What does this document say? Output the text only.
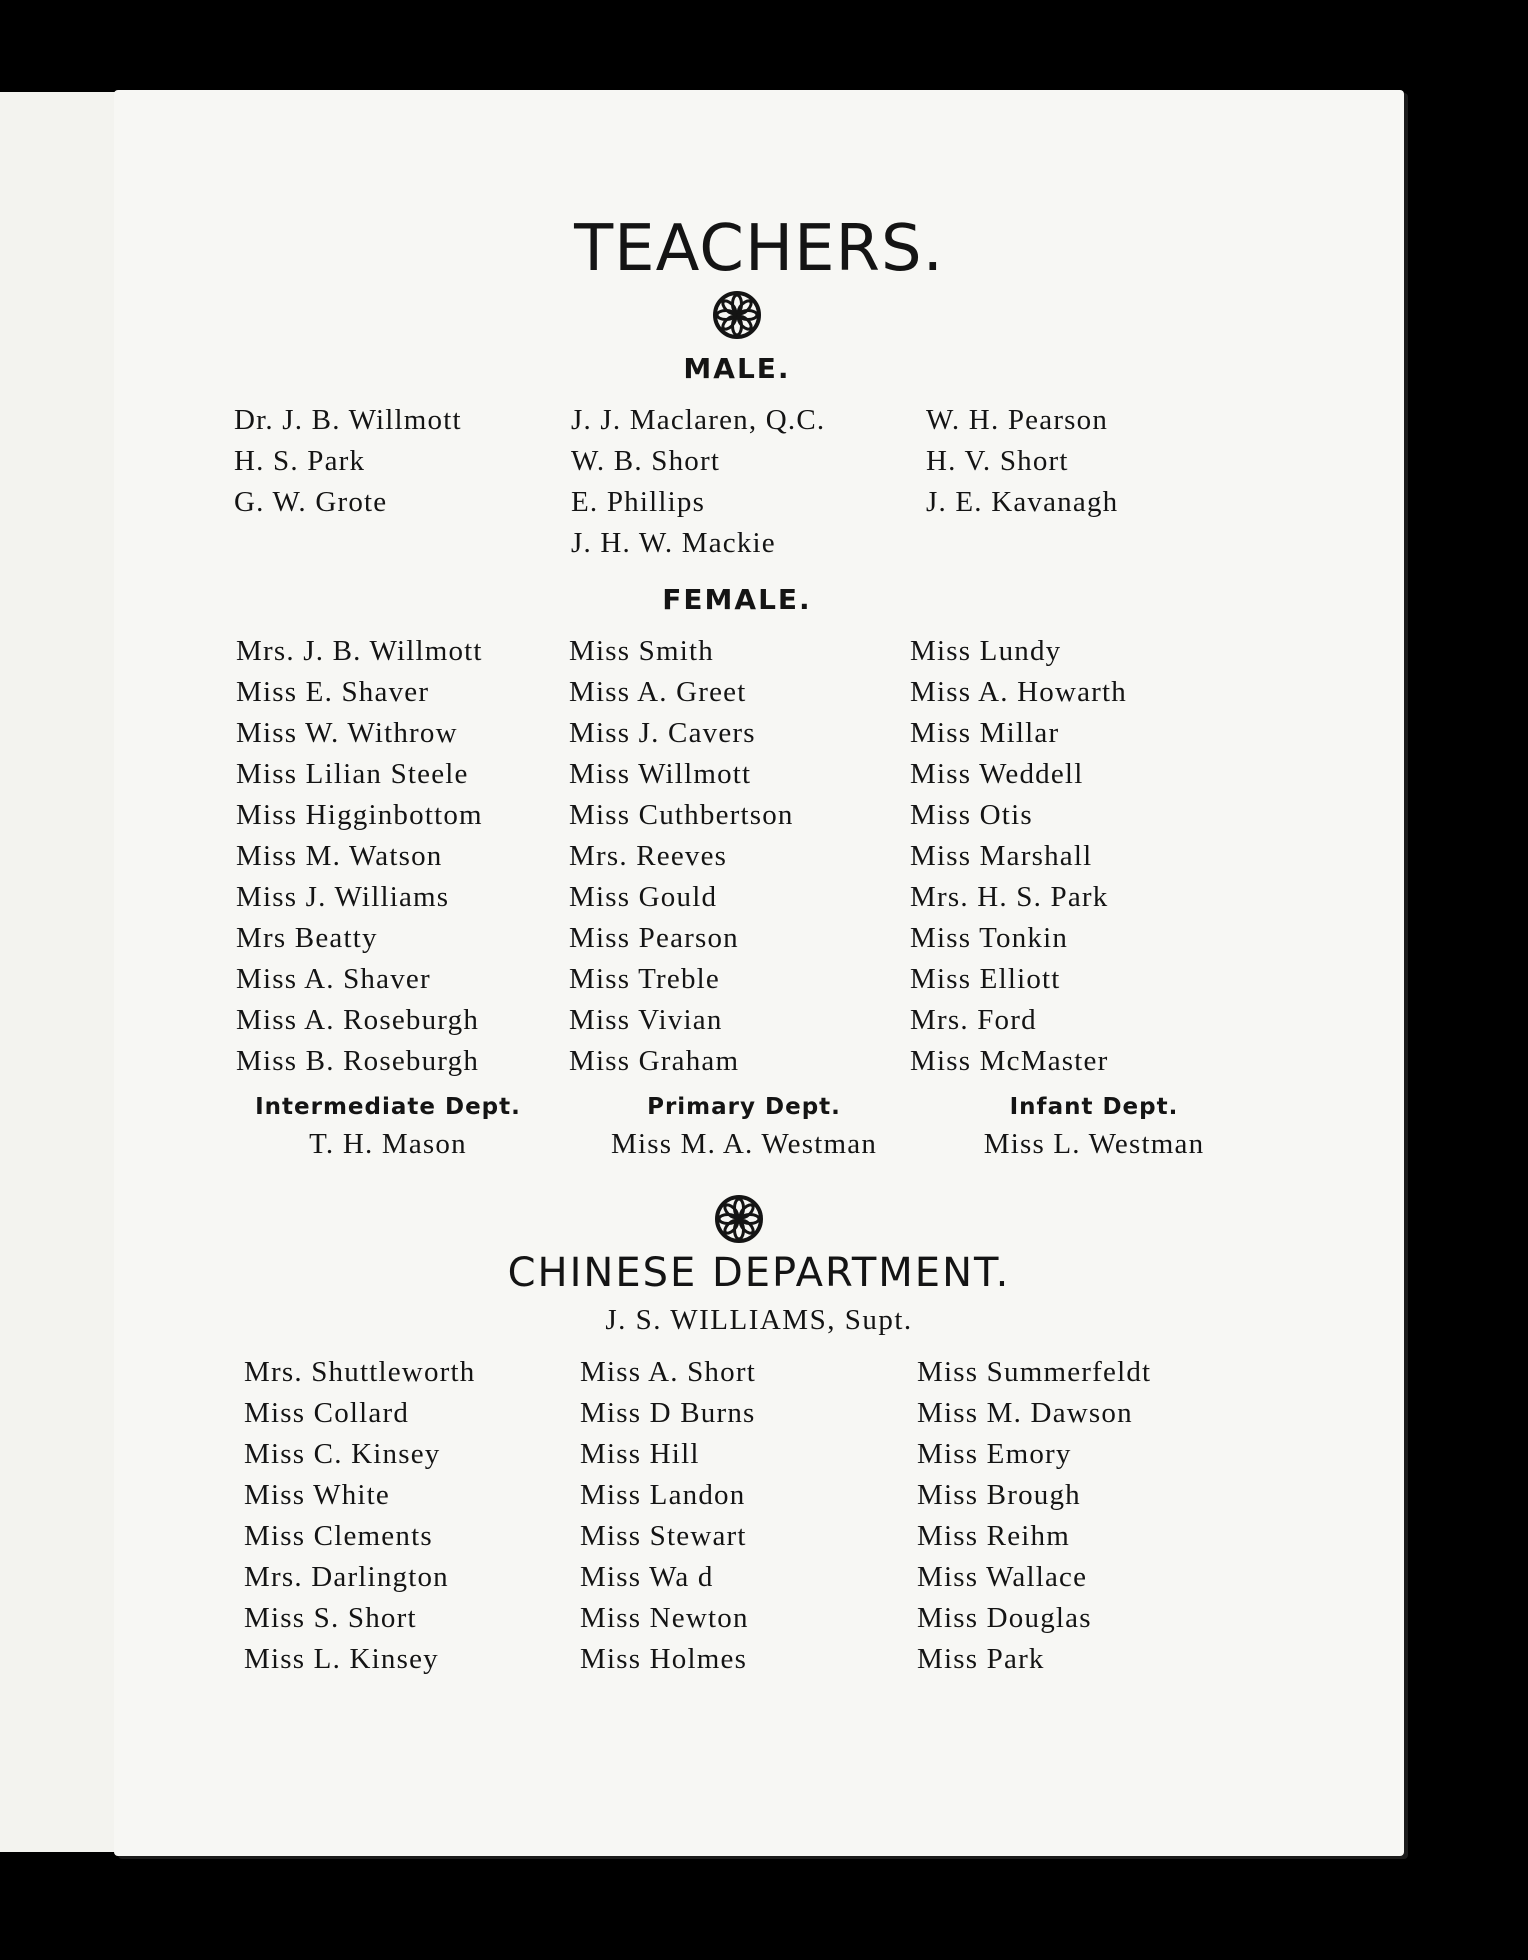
TEACHERS.
MALE.
Dr. J. B. Willmott
H. S. Park
G. W. Grote
J. J. Maclaren, Q.C.
W. B. Short
E. Phillips
J. H. W. Mackie
W. H. Pearson
H. V. Short
J. E. Kavanagh
FEMALE.
Mrs. J. B. Willmott
Miss E. Shaver
Miss W. Withrow
Miss Lilian Steele
Miss Higginbottom
Miss M. Watson
Miss J. Williams
Mrs Beatty
Miss A. Shaver
Miss A. Roseburgh
Miss B. Roseburgh
Miss Smith
Miss A. Greet
Miss J. Cavers
Miss Willmott
Miss Cuthbertson
Mrs. Reeves
Miss Gould
Miss Pearson
Miss Treble
Miss Vivian
Miss Graham
Miss Lundy
Miss A. Howarth
Miss Millar
Miss Weddell
Miss Otis
Miss Marshall
Mrs. H. S. Park
Miss Tonkin
Miss Elliott
Mrs. Ford
Miss McMaster
Intermediate Dept.
T. H. Mason
Primary Dept.
Miss M. A. Westman
Infant Dept.
Miss L. Westman
CHINESE DEPARTMENT.
J. S. WILLIAMS, Supt.
Mrs. Shuttleworth
Miss Collard
Miss C. Kinsey
Miss White
Miss Clements
Mrs. Darlington
Miss S. Short
Miss L. Kinsey
Miss A. Short
Miss D Burns
Miss Hill
Miss Landon
Miss Stewart
Miss Wa d
Miss Newton
Miss Holmes
Miss Summerfeldt
Miss M. Dawson
Miss Emory
Miss Brough
Miss Reihm
Miss Wallace
Miss Douglas
Miss Park
